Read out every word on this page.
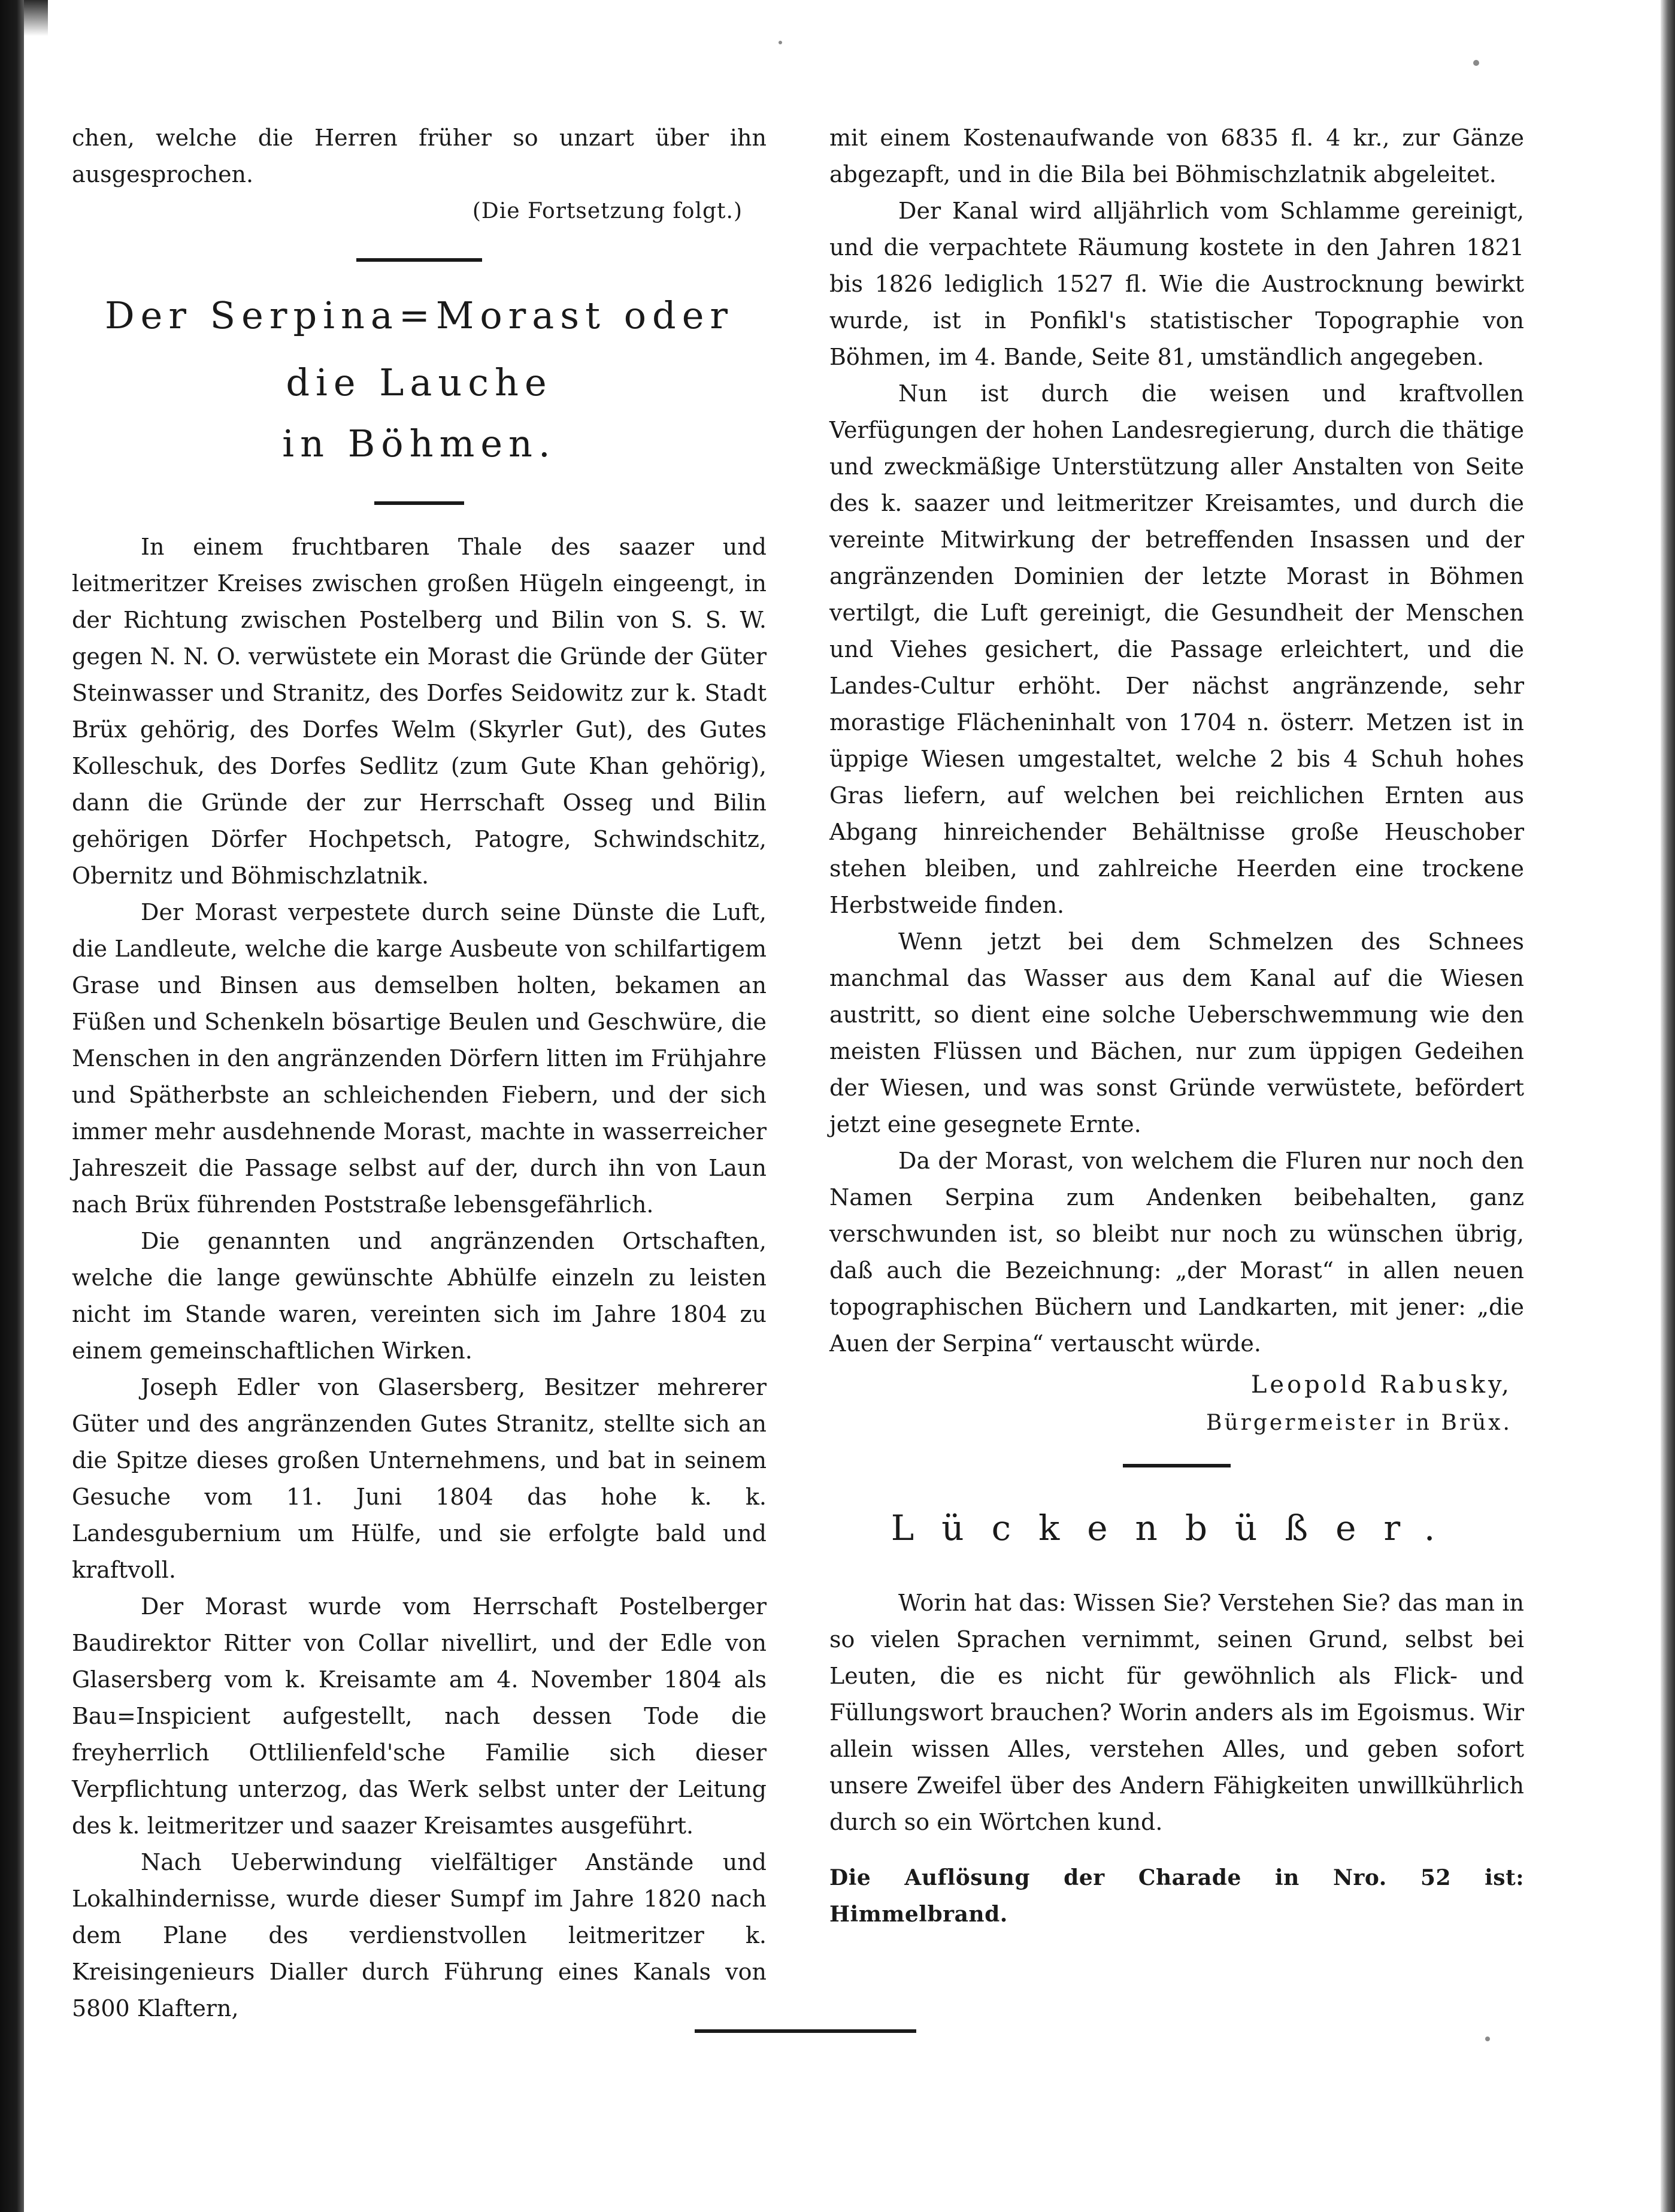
chen, welche die Herren früher so unzart über ihn ausgesprochen.

(Die Fortsetzung folgt.)

Der Serpina=Morast oder die Lauche
in Böhmen.

In einem fruchtbaren Thale des saazer und leitmeritzer Kreises zwischen großen Hügeln eingeengt, in der Richtung zwischen Postelberg und Bilin von S. S. W. gegen N. N. O. verwüstete ein Morast die Gründe der Güter Steinwasser und Stranitz, des Dorfes Seidowitz zur k. Stadt Brüx gehörig, des Dorfes Welm (Skyrler Gut), des Gutes Kolleschuk, des Dorfes Sedlitz (zum Gute Khan gehörig), dann die Gründe der zur Herrschaft Osseg und Bilin gehörigen Dörfer Hochpetsch, Patogre, Schwindschitz, Obernitz und Böhmischzlatnik.

Der Morast verpestete durch seine Dünste die Luft, die Landleute, welche die karge Ausbeute von schilfartigem Grase und Binsen aus demselben holten, bekamen an Füßen und Schenkeln bösartige Beulen und Geschwüre, die Menschen in den angränzenden Dörfern litten im Frühjahre und Spätherbste an schleichenden Fiebern, und der sich immer mehr ausdehnende Morast, machte in wasserreicher Jahreszeit die Passage selbst auf der, durch ihn von Laun nach Brüx führenden Poststraße lebensgefährlich.

Die genannten und angränzenden Ortschaften, welche die lange gewünschte Abhülfe einzeln zu leisten nicht im Stande waren, vereinten sich im Jahre 1804 zu einem gemeinschaftlichen Wirken.

Joseph Edler von Glasersberg, Besitzer mehrerer Güter und des angränzenden Gutes Stranitz, stellte sich an die Spitze dieses großen Unternehmens, und bat in seinem Gesuche vom 11. Juni 1804 das hohe k. k. Landesgubernium um Hülfe, und sie erfolgte bald und kraftvoll.

Der Morast wurde vom Herrschaft Postelberger Baudirektor Ritter von Collar nivellirt, und der Edle von Glasersberg vom k. Kreisamte am 4. November 1804 als Bau=Inspicient aufgestellt, nach dessen Tode die freyherrlich Ottlilienfeld'sche Familie sich dieser Verpflichtung unterzog, das Werk selbst unter der Leitung des k. leitmeritzer und saazer Kreisamtes ausgeführt.

Nach Ueberwindung vielfältiger Anstände und Lokalhindernisse, wurde dieser Sumpf im Jahre 1820 nach dem Plane des verdienstvollen leitmeritzer k. Kreisingenieurs Dialler durch Führung eines Kanals von 5800 Klaftern,

mit einem Kostenaufwande von 6835 fl. 4 kr., zur Gänze abgezapft, und in die Bila bei Böhmischzlatnik abgeleitet.

Der Kanal wird alljährlich vom Schlamme gereinigt, und die verpachtete Räumung kostete in den Jahren 1821 bis 1826 lediglich 1527 fl. Wie die Austrocknung bewirkt wurde, ist in Ponfikl's statistischer Topographie von Böhmen, im 4. Bande, Seite 81, umständlich angegeben.

Nun ist durch die weisen und kraftvollen Verfügungen der hohen Landesregierung, durch die thätige und zweckmäßige Unterstützung aller Anstalten von Seite des k. saazer und leitmeritzer Kreisamtes, und durch die vereinte Mitwirkung der betreffenden Insassen und der angränzenden Dominien der letzte Morast in Böhmen vertilgt, die Luft gereinigt, die Gesundheit der Menschen und Viehes gesichert, die Passage erleichtert, und die Landes-Cultur erhöht. Der nächst angränzende, sehr morastige Flächeninhalt von 1704 n. österr. Metzen ist in üppige Wiesen umgestaltet, welche 2 bis 4 Schuh hohes Gras liefern, auf welchen bei reichlichen Ernten aus Abgang hinreichender Behältnisse große Heuschober stehen bleiben, und zahlreiche Heerden eine trockene Herbstweide finden.

Wenn jetzt bei dem Schmelzen des Schnees manchmal das Wasser aus dem Kanal auf die Wiesen austritt, so dient eine solche Ueberschwemmung wie den meisten Flüssen und Bächen, nur zum üppigen Gedeihen der Wiesen, und was sonst Gründe verwüstete, befördert jetzt eine gesegnete Ernte.

Da der Morast, von welchem die Fluren nur noch den Namen Serpina zum Andenken beibehalten, ganz verschwunden ist, so bleibt nur noch zu wünschen übrig, daß auch die Bezeichnung: „der Morast“ in allen neuen topographischen Büchern und Landkarten, mit jener: „die Auen der Serpina“ vertauscht würde.

Leopold Rabusky,

Bürgermeister in Brüx.

Lückenbüßer.

Worin hat das: Wissen Sie? Verstehen Sie? das man in so vielen Sprachen vernimmt, seinen Grund, selbst bei Leuten, die es nicht für gewöhnlich als Flick- und Füllungswort brauchen? Worin anders als im Egoismus. Wir allein wissen Alles, verstehen Alles, und geben sofort unsere Zweifel über des Andern Fähigkeiten unwillkührlich durch so ein Wörtchen kund.

Die Auflösung der Charade in Nro. 52 ist: Himmelbrand.
